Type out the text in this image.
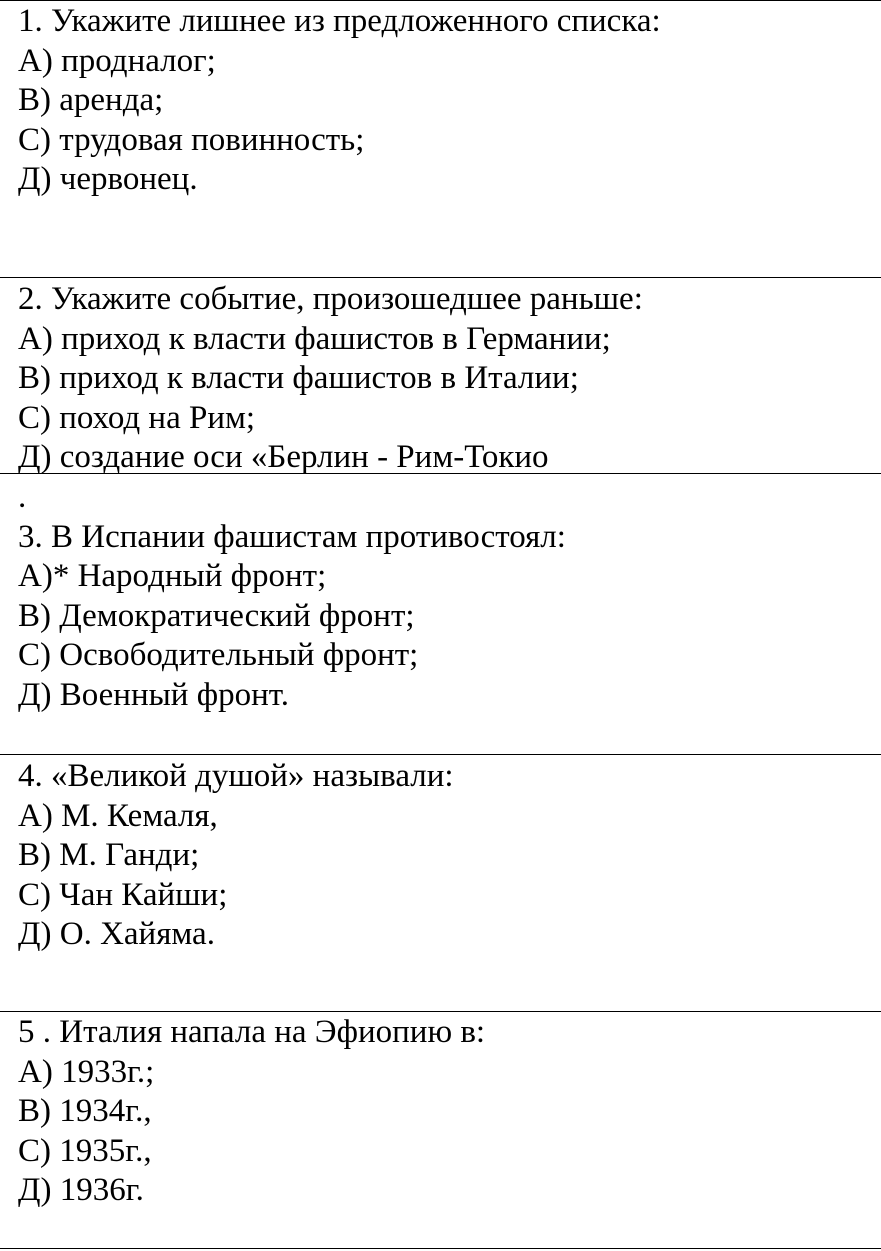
1. Укажите лишнее из предложенного списка:
А) продналог;
В) аренда;
С) трудовая повинность;
Д) червонец.
2. Укажите событие, произошедшее раньше:
А) приход к власти фашистов в Германии;
В) приход к власти фашистов в Италии;
С) поход на Рим;
Д) создание оси «Берлин - Рим-Токио
.
3. В Испании фашистам противостоял:
А)* Народный фронт;
В) Демократический фронт;
С) Освободительный фронт;
Д) Военный фронт.
4. «Великой душой» называли:
А) М. Кемаля,
В) М. Ганди;
С) Чан Кайши;
Д) О. Хайяма.
5 . Италия напала на Эфиопию в:
А) 1933г.;
В) 1934г.,
С) 1935г.,
Д) 1936г.
